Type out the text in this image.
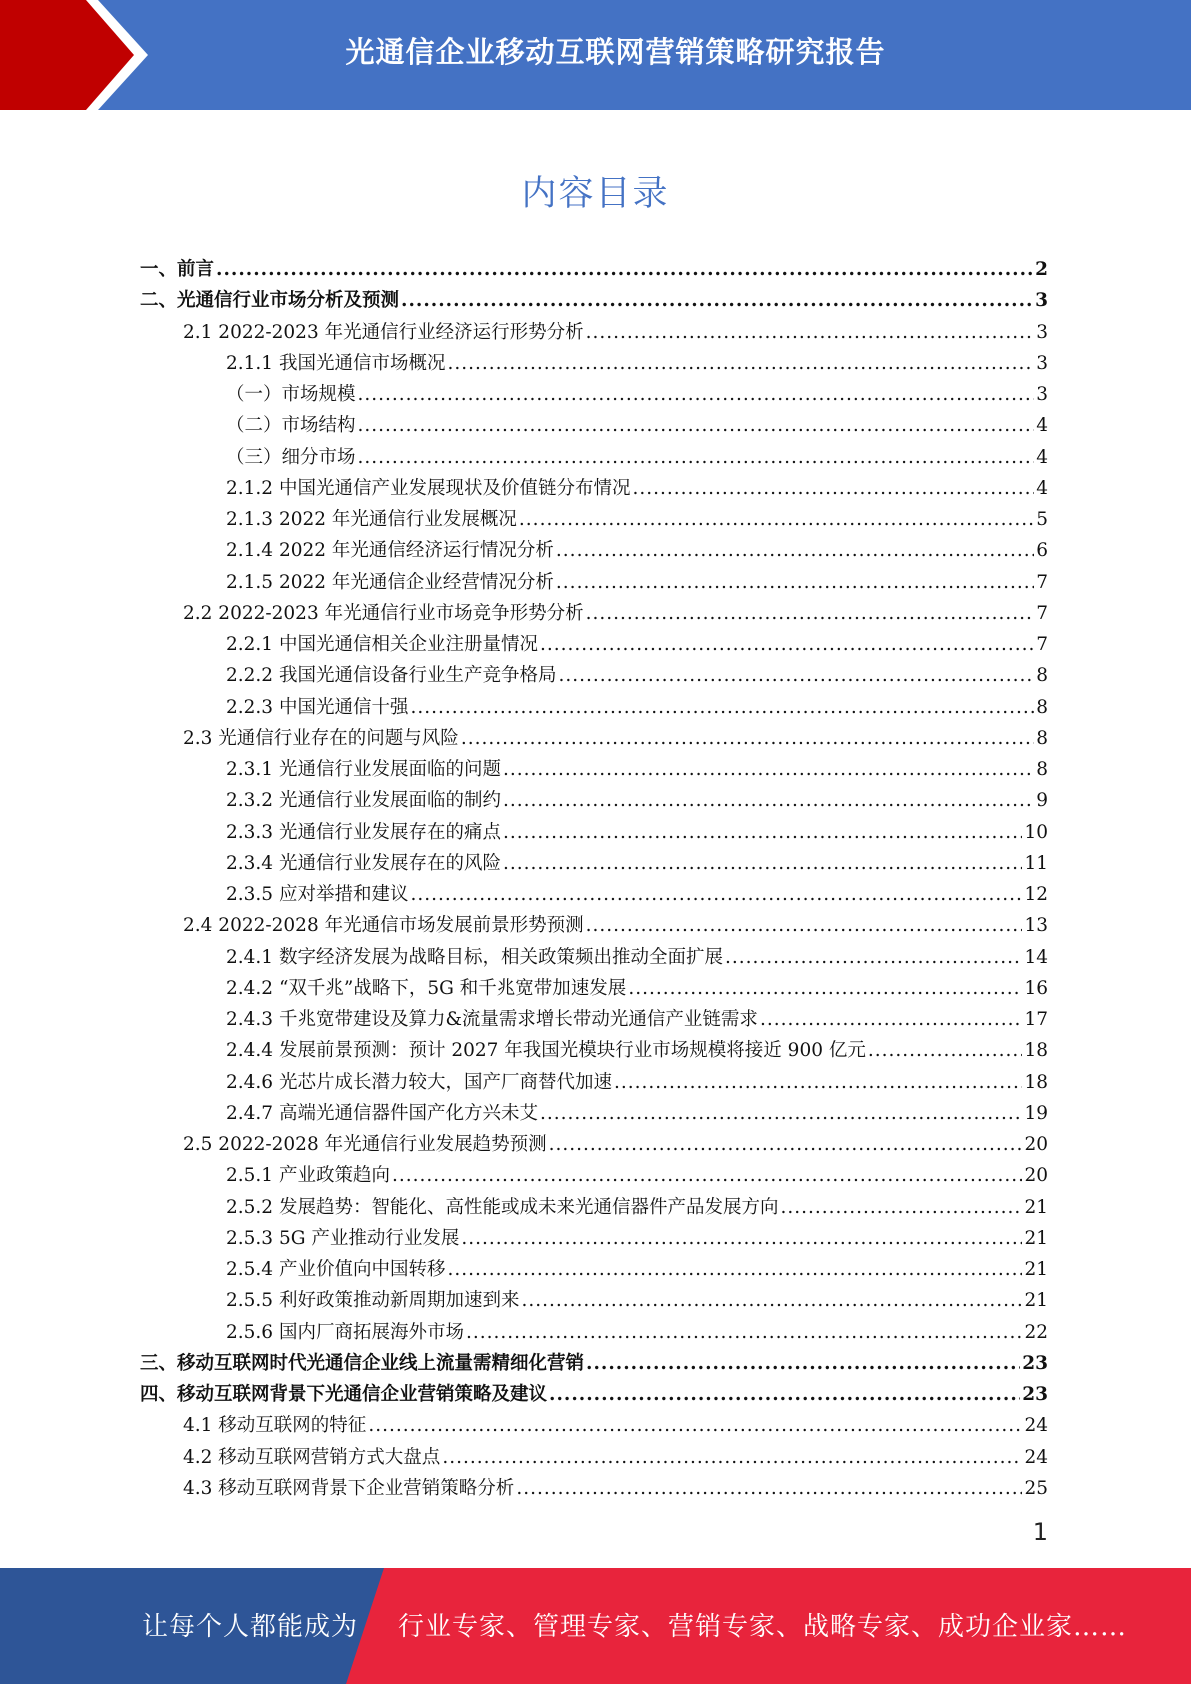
光通信企业移动互联网营销策略研究报告
内容目录
一、前言 .....	2
二、光通信行业市场分析及预测 .....	3
2.1 2022-2023 年光通信行业经济运行形势分析 .....	3
2.1.1 我国光通信市场概况 .....	3
（一）市场规模 .....	3
（二）市场结构 .....	4
（三）细分市场 .....	4
2.1.2 中国光通信产业发展现状及价值链分布情况 .....	4
2.1.3 2022 年光通信行业发展概况 .....	5
2.1.4 2022 年光通信经济运行情况分析 .....	6
2.1.5 2022 年光通信企业经营情况分析 .....	7
2.2 2022-2023 年光通信行业市场竞争形势分析 .....	7
2.2.1 中国光通信相关企业注册量情况 .....	7
2.2.2 我国光通信设备行业生产竞争格局 .....	8
2.2.3 中国光通信十强 .....	8
2.3 光通信行业存在的问题与风险 .....	8
2.3.1 光通信行业发展面临的问题 .....	8
2.3.2 光通信行业发展面临的制约 .....	9
2.3.3 光通信行业发展存在的痛点 .....	10
2.3.4 光通信行业发展存在的风险 .....	11
2.3.5 应对举措和建议 .....	12
2.4 2022-2028 年光通信市场发展前景形势预测 .....	13
2.4.1 数字经济发展为战略目标，相关政策频出推动全面扩展 .....	14
2.4.2 “双千兆”战略下，5G 和千兆宽带加速发展 .....	16
2.4.3 千兆宽带建设及算力&流量需求增长带动光通信产业链需求 .....	17
2.4.4 发展前景预测：预计 2027 年我国光模块行业市场规模将接近 900 亿元 .....	18
2.4.6 光芯片成长潜力较大，国产厂商替代加速 .....	18
2.4.7 高端光通信器件国产化方兴未艾 .....	19
2.5 2022-2028 年光通信行业发展趋势预测 .....	20
2.5.1 产业政策趋向 .....	20
2.5.2 发展趋势：智能化、高性能或成未来光通信器件产品发展方向 .....	21
2.5.3 5G 产业推动行业发展 .....	21
2.5.4 产业价值向中国转移 .....	21
2.5.5 利好政策推动新周期加速到来 .....	21
2.5.6 国内厂商拓展海外市场 .....	22
三、移动互联网时代光通信企业线上流量需精细化营销 .....	23
四、移动互联网背景下光通信企业营销策略及建议 .....	23
4.1 移动互联网的特征 .....	24
4.2 移动互联网营销方式大盘点 .....	24
4.3 移动互联网背景下企业营销策略分析 .....	25
1
让每个人都能成为 行业专家、管理专家、营销专家、战略专家、成功企业家……
